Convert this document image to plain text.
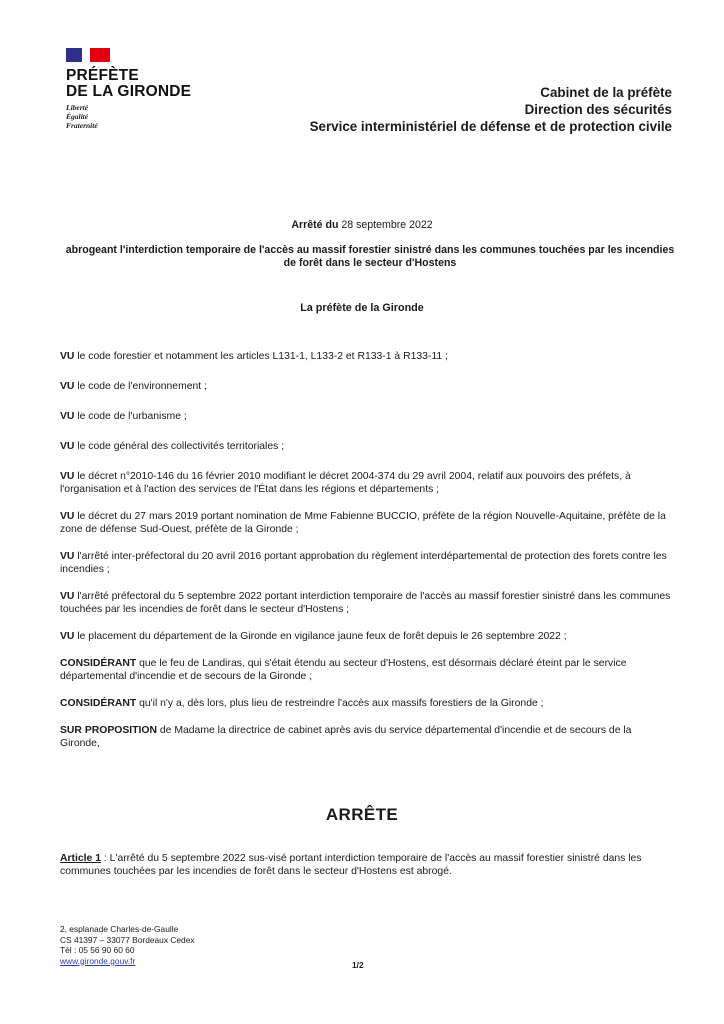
PRÉFÈTE
DE LA GIRONDE
Liberté
Égalité
Fraternité
Cabinet de la préfète
Direction des sécurités
Service interministériel de défense et de protection civile
Arrêté du 28 septembre 2022
abrogeant l'interdiction temporaire de l'accès au massif forestier sinistré dans les communes touchées par les incendies de forêt dans le secteur d'Hostens
La préfète de la Gironde

VU le code forestier et notamment les articles L131-1, L133-2 et R133-1 à R133-11 ;

VU le code de l'environnement ;

VU le code de l'urbanisme ;

VU le code général des collectivités territoriales ;

VU le décret n°2010-146 du 16 février 2010 modifiant le décret 2004-374 du 29 avril 2004, relatif aux pouvoirs des préfets, à l'organisation et à l'action des services de l'État dans les régions et départements ;

VU le décret du 27 mars 2019 portant nomination de Mme Fabienne BUCCIO, préfète de la région Nouvelle-Aquitaine, préfète de la zone de défense Sud-Ouest, préfète de la Gironde ;

VU l'arrêté inter-préfectoral du 20 avril 2016 portant approbation du règlement interdépartemental de protection des forets contre les incendies ;

VU l'arrêté préfectoral du 5 septembre 2022 portant interdiction temporaire de l'accès au massif forestier sinistré dans les communes touchées par les incendies de forêt dans le secteur d'Hostens ;

VU le placement du département de la Gironde en vigilance jaune feux de forêt depuis le 26 septembre 2022 ;

CONSIDÉRANT que le feu de Landiras, qui s'était étendu au secteur d'Hostens, est désormais déclaré éteint par le service départemental d'incendie et de secours de la Gironde ;

CONSIDÉRANT qu'il n'y a, dès lors, plus lieu de restreindre l'accès aux massifs forestiers de la Gironde ;

SUR PROPOSITION de Madame la directrice de cabinet après avis du service départemental d'incendie et de secours de la Gironde,

ARRÊTE
Article 1 : L'arrêté du 5 septembre 2022 sus-visé portant interdiction temporaire de l'accès au massif forestier sinistré dans les communes touchées par les incendies de forêt dans le secteur d'Hostens est abrogé.
2, esplanade Charles-de-Gaulle
CS 41397 – 33077 Bordeaux Cedex
Tél : 05 56 90 60 60
www.gironde.gouv.fr	1/2
